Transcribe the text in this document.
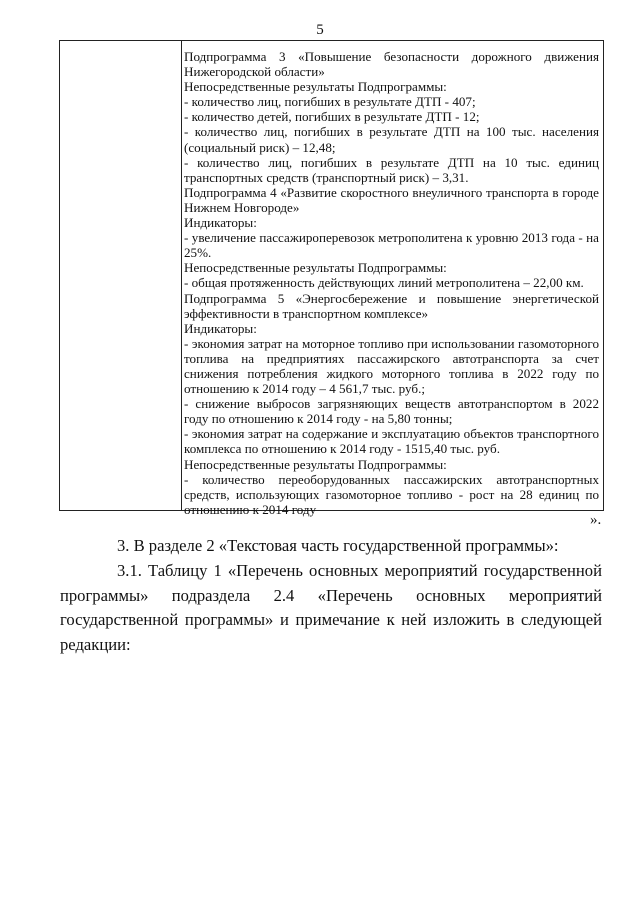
5

Подпрограмма 3 «Повышение безопасности дорожного движения Нижегородской области»

Непосредственные результаты Подпрограммы:

- количество лиц, погибших в результате ДТП - 407;

- количество детей, погибших в результате ДТП - 12;

- количество лиц, погибших в результате ДТП на 100 тыс. населения (социальный риск) – 12,48;

- количество лиц, погибших в результате ДТП на 10 тыс. единиц транспортных средств (транспортный риск) – 3,31.

Подпрограмма 4 «Развитие скоростного внеуличного транспорта в городе Нижнем Новгороде»

Индикаторы:

- увеличение пассажироперевозок метрополитена к уровню 2013 года - на 25%.

Непосредственные результаты Подпрограммы:

- общая протяженность действующих линий метрополитена – 22,00 км.

Подпрограмма 5 «Энергосбережение и повышение энергетической эффективности в транспортном комплексе»

Индикаторы:

- экономия затрат на моторное топливо при использовании газомоторного топлива на предприятиях пассажирского автотранспорта за счет снижения потребления жидкого моторного топлива в 2022 году по отношению к 2014 году – 4 561,7 тыс. руб.;

- снижение выбросов загрязняющих веществ автотранспортом в 2022 году по отношению к 2014 году - на 5,80 тонны;

- экономия затрат на содержание и эксплуатацию объектов транспортного комплекса по отношению к 2014 году - 1515,40 тыс. руб.

Непосредственные результаты Подпрограммы:

- количество переоборудованных пассажирских автотранспортных средств, использующих газомоторное топливо - рост на 28 единиц по отношению к 2014 году

».

3. В разделе 2 «Текстовая часть государственной программы»:

3.1. Таблицу 1 «Перечень основных мероприятий государственной программы» подраздела 2.4 «Перечень основных мероприятий государственной программы» и примечание к ней изложить в следующей редакции:
